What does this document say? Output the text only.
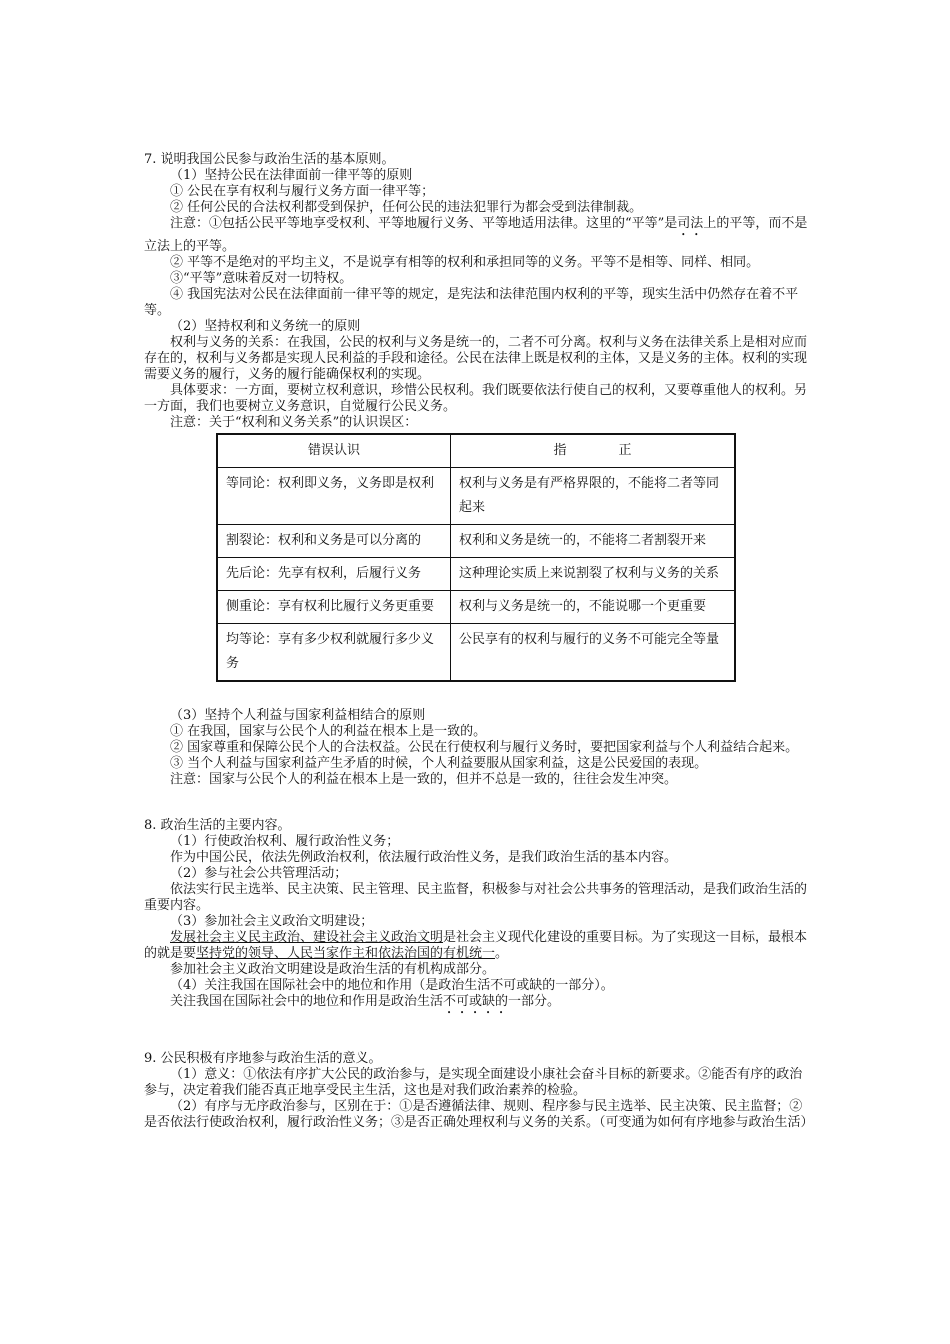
7. 说明我国公民参与政治生活的基本原则。

（1）坚持公民在法律面前一律平等的原则

① 公民在享有权利与履行义务方面一律平等；

② 任何公民的合法权利都受到保护，任何公民的违法犯罪行为都会受到法律制裁。

注意：①包括公民平等地享受权利、平等地履行义务、平等地适用法律。这里的“平等”是司法上的平等，而不是立法上的平等。

② 平等不是绝对的平均主义，不是说享有相等的权利和承担同等的义务。平等不是相等、同样、相同。

③“平等”意味着反对一切特权。

④ 我国宪法对公民在法律面前一律平等的规定，是宪法和法律范围内权利的平等，现实生活中仍然存在着不平等。

（2）坚持权利和义务统一的原则

权利与义务的关系：在我国，公民的权利与义务是统一的，二者不可分离。权利与义务在法律关系上是相对应而存在的，权利与义务都是实现人民利益的手段和途径。公民在法律上既是权利的主体，又是义务的主体。权利的实现需要义务的履行，义务的履行能确保权利的实现。

具体要求：一方面，要树立权利意识，珍惜公民权利。我们既要依法行使自己的权利，又要尊重他人的权利。另一方面，我们也要树立义务意识，自觉履行公民义务。

注意：关于“权利和义务关系”的认识误区：

错误认识	指　　　　正
等同论：权利即义务，义务即是权利	权利与义务是有严格界限的，不能将二者等同起来
割裂论：权利和义务是可以分离的	权利和义务是统一的，不能将二者割裂开来
先后论：先享有权利，后履行义务	这种理论实质上来说割裂了权利与义务的关系
侧重论：享有权利比履行义务更重要	权利与义务是统一的，不能说哪一个更重要
均等论：享有多少权利就履行多少义务	公民享有的权利与履行的义务不可能完全等量

（3）坚持个人利益与国家利益相结合的原则

① 在我国，国家与公民个人的利益在根本上是一致的。

② 国家尊重和保障公民个人的合法权益。公民在行使权利与履行义务时，要把国家利益与个人利益结合起来。

③ 当个人利益与国家利益产生矛盾的时候，个人利益要服从国家利益，这是公民爱国的表现。

注意：国家与公民个人的利益在根本上是一致的，但并不总是一致的，往往会发生冲突。

8. 政治生活的主要内容。

（1）行使政治权利、履行政治性义务；

作为中国公民，依法先例政治权利，依法履行政治性义务，是我们政治生活的基本内容。

（2）参与社会公共管理活动；

依法实行民主选举、民主决策、民主管理、民主监督，积极参与对社会公共事务的管理活动，是我们政治生活的重要内容。

（3）参加社会主义政治文明建设；

发展社会主义民主政治、建设社会主义政治文明是社会主义现代化建设的重要目标。为了实现这一目标，最根本的就是要坚持党的领导、人民当家作主和依法治国的有机统一。

参加社会主义政治文明建设是政治生活的有机构成部分。

（4）关注我国在国际社会中的地位和作用（是政治生活不可或缺的一部分）。

关注我国在国际社会中的地位和作用是政治生活不可或缺的一部分。

9. 公民积极有序地参与政治生活的意义。

（1）意义：①依法有序扩大公民的政治参与，是实现全面建设小康社会奋斗目标的新要求。②能否有序的政治参与，决定着我们能否真正地享受民主生活，这也是对我们政治素养的检验。

（2）有序与无序政治参与，区别在于：①是否遵循法律、规则、程序参与民主选举、民主决策、民主监督；②是否依法行使政治权利，履行政治性义务；③是否正确处理权利与义务的关系。（可变通为如何有序地参与政治生活）
